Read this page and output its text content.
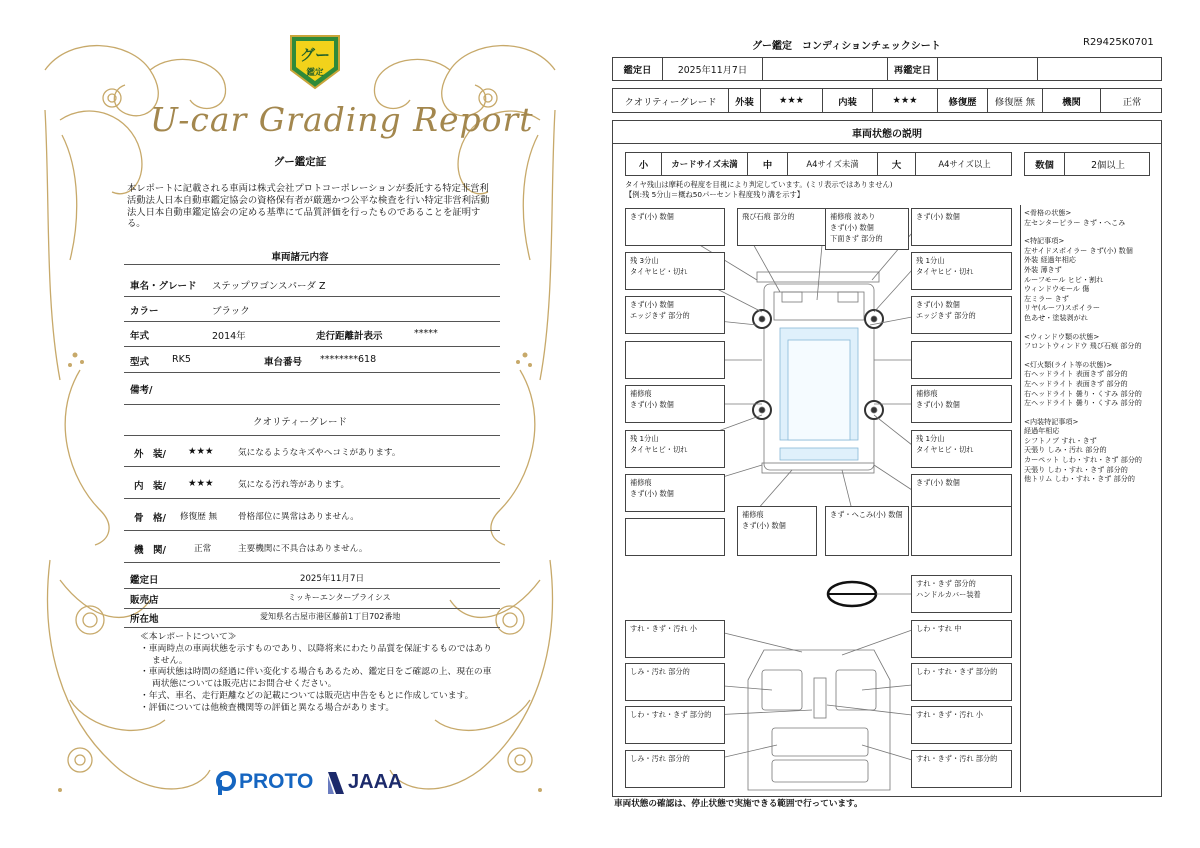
グー
鑑定
U-car Grading Report
グー鑑定証
本レポートに記載される車両は株式会社プロトコーポレーションが委託する特定非営利活動法人日本自動車鑑定協会の資格保有者が厳選かつ公平な検査を行い特定非営利活動法人日本自動車鑑定協会の定める基準にて品質評価を行ったものであることを証明する。
車両諸元内容
車名・グレード ステップワゴンスパーダ Z
カラー	ブラック
年式	2014年	走行距離計表示	*****
型式 RK5	車台番号 ********618
備考/
クオリティーグレード
外　装/ ★★★	気になるようなキズやヘコミがあります。
内　装/ ★★★	気になる汚れ等があります。
骨　格/ 修復歴 無 骨格部位に異常はありません。
機　関/	正常	主要機関に不具合はありません。
鑑定日	2025年11月7日
販売店	ミッキーエンタープライシス
所在地	愛知県名古屋市港区藤前1丁目702番地
≪本レポートについて≫
・車両時点の車両状態を示すものであり、以降将来にわたり品質を保証するものではありません。
・車両状態は時間の経過に伴い変化する場合もあるため、鑑定日をご確認の上、現在の車両状態については販売店にお問合せください。
・年式、車名、走行距離などの記載については販売店申告をもとに作成しています。
・評価については他検査機関等の評価と異なる場合があります。
PROTO JAAA
グー鑑定　コンディションチェックシート	R29425K0701
鑑定日	2025年11月7日	再鑑定日
クオリティーグレード	外装	★★★	内装	★★★	修復歴	修復歴 無	機関	正常
車両状態の説明
小	カードサイズ未満	中	A4サイズ未満	大	A4サイズ以上	数個	2個以上
タイヤ残山は摩耗の程度を目視により判定しています。(ミリ表示ではありません)
【例:残 5分山＝概ね50パーセント程度残り溝を示す】
<骨格の状態>
左センターピラー きず・へこみ
<特記事項>
左サイドスポイラー きず(小) 数個
外装 経過年相応
外装 薄きず
ルーフモール ヒビ・割れ
ウィンドウモール 傷
左ミラー きず
リヤ(ルーフ)スポイラー
色あせ・塗装剥がれ
<ウィンドウ類の状態>
フロントウィンドウ 飛び石痕 部分的
<灯火類(ライト等の状態)>
右ヘッドライト 表面きず 部分的
左ヘッドライト 表面きず 部分的
右ヘッドライト 曇り・くすみ 部分的
左ヘッドライト 曇り・くすみ 部分的
<内装特記事項>
経過年相応
シフトノブ すれ・きず
天張り しみ・汚れ 部分的
カーペット しわ・すれ・きず 部分的
天張り しわ・すれ・きず 部分的
他トリム しわ・すれ・きず 部分的
きず(小) 数個	飛び石痕 部分的	補修痕 波あり
きず(小) 数個
下面きず 部分的
きず(小) 数個
残 3分山
タイヤヒビ・切れ
残 1分山
タイヤヒビ・切れ
きず(小) 数個
エッジきず 部分的
きず(小) 数個
エッジきず 部分的
補修痕
きず(小) 数個
補修痕
きず(小) 数個
残 1分山
タイヤヒビ・切れ
残 1分山
タイヤヒビ・切れ
補修痕
きず(小) 数個
きず(小) 数個
補修痕
きず(小) 数個
きず・へこみ(小) 数個
すれ・きず 部分的
ハンドルカバー装着
すれ・きず・汚れ 小	しわ・すれ 中
しみ・汚れ 部分的	しわ・すれ・きず 部分的
しわ・すれ・きず 部分的	すれ・きず・汚れ 小
しみ・汚れ 部分的	すれ・きず・汚れ 部分的
車両状態の確認は、停止状態で実施できる範囲で行っています。
